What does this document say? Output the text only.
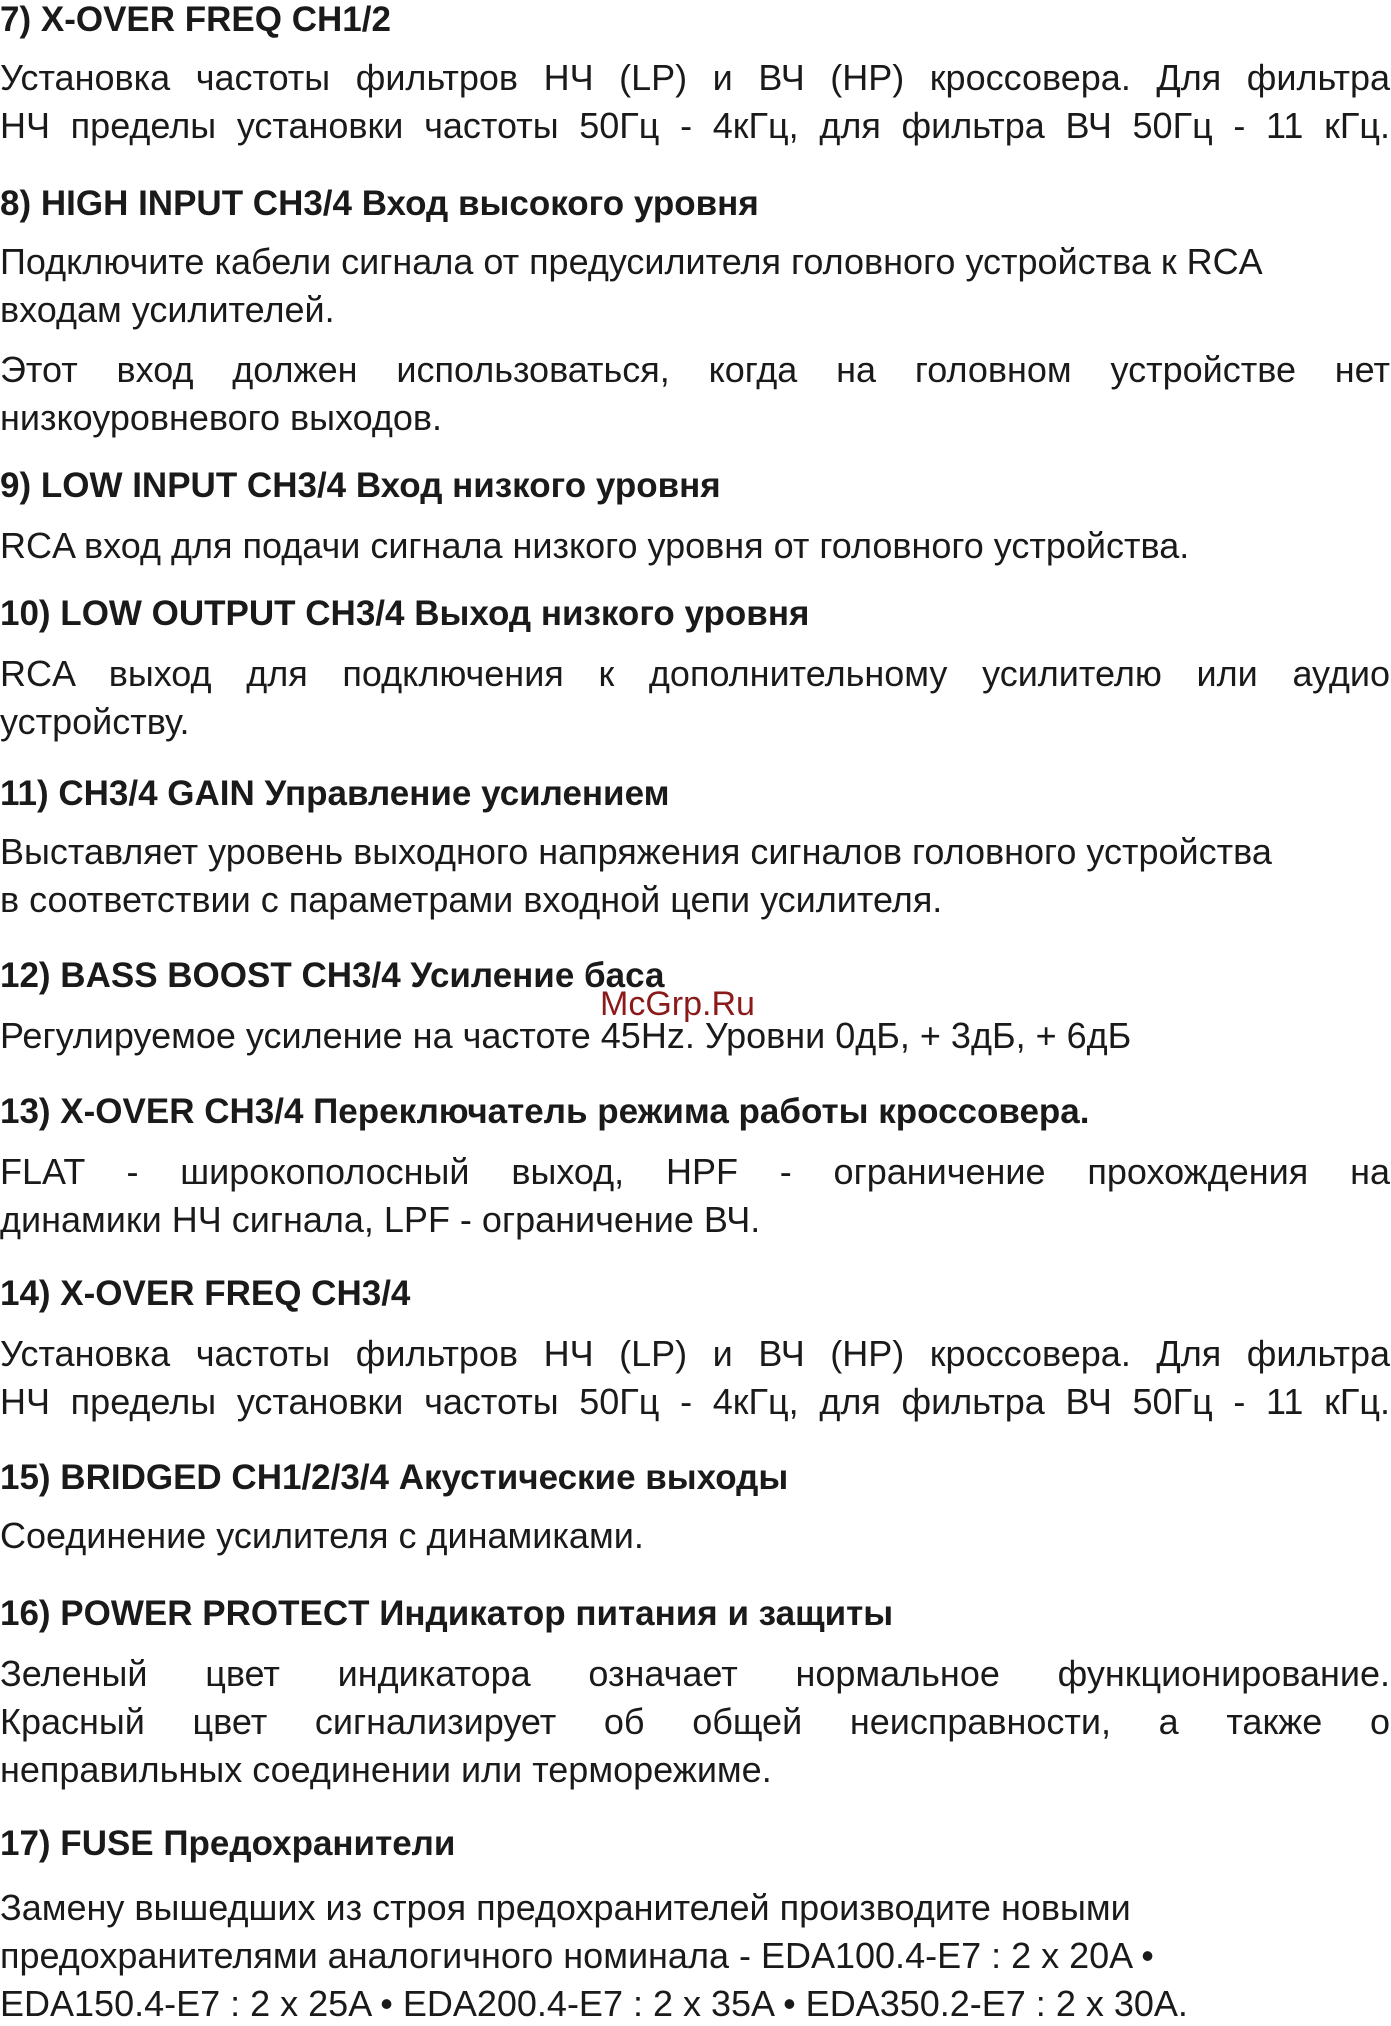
7) X-OVER FREQ CH1/2
Установка частоты фильтров НЧ (LP) и ВЧ (HP) кроссовера. Для фильтра
НЧ пределы установки частоты 50Гц - 4кГц, для фильтра ВЧ 50Гц - 11 кГц.
8) HIGH INPUT CH3/4 Вход высокого уровня
Подключите кабели сигнала от предусилителя головного устройства к RCA
входам усилителей.
Этот вход должен использоваться, когда на головном устройстве нет
низкоуровневого выходов.
9) LOW INPUT CH3/4 Вход низкого уровня
RCA вход для подачи сигнала низкого уровня от головного устройства.
10) LOW OUTPUT CH3/4 Выход низкого уровня
RCA выход для подключения к дополнительному усилителю или аудио
устройству.
11) CH3/4 GAIN Управление усилением
Выставляет уровень выходного напряжения сигналов головного устройства
в соответствии с параметрами входной цепи усилителя.
12) BASS BOOST CH3/4 Усиление баса
Регулируемое усиление на частоте 45Hz. Уровни 0дБ, + 3дБ, + 6дБ
McGrp.Ru
13) X-OVER CH3/4 Переключатель режима работы кроссовера.
FLAT - широкополосный выход, HPF - ограничение прохождения на
динамики НЧ сигнала, LPF - ограничение ВЧ.
14) X-OVER FREQ CH3/4
Установка частоты фильтров НЧ (LP) и ВЧ (HP) кроссовера. Для фильтра
НЧ пределы установки частоты 50Гц - 4кГц, для фильтра ВЧ 50Гц - 11 кГц.
15) BRIDGED CH1/2/3/4 Акустические выходы
Соединение усилителя с динамиками.
16) POWER PROTECT Индикатор питания и защиты
Зеленый цвет индикатора означает нормальное функционирование.
Красный цвет сигнализирует об общей неисправности, а также о
неправильных соединении или терморежиме.
17) FUSE Предохранители
Замену вышедших из строя предохранителей производите новыми
предохранителями аналогичного номинала - EDA100.4-E7 : 2 x 20A •
EDA150.4-E7 : 2 x 25A • EDA200.4-E7 : 2 x 35A • EDA350.2-E7 : 2 x 30A.
